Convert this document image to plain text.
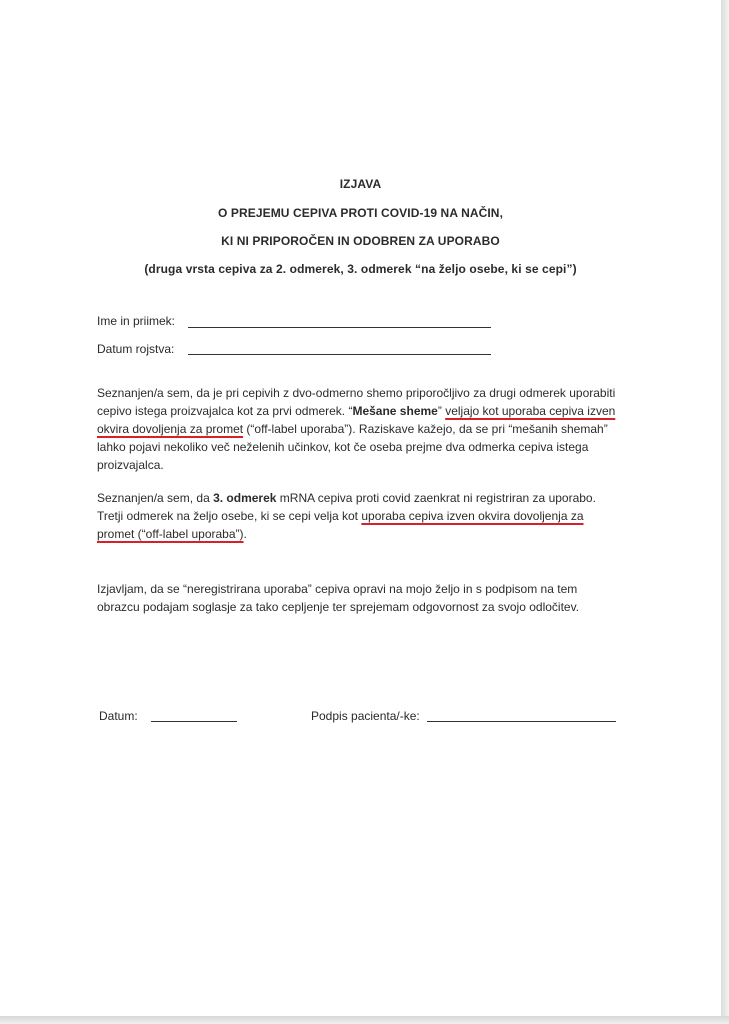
IZJAVA
O PREJEMU CEPIVA PROTI COVID-19 NA NAČIN,
KI NI PRIPOROČEN IN ODOBREN ZA UPORABO
(druga vrsta cepiva za 2. odmerek, 3. odmerek “na željo osebe, ki se cepi”)
Ime in priimek:
Datum rojstva:
Seznanjen/a sem, da je pri cepivih z dvo-odmerno shemo priporočljivo za drugi odmerek uporabiti cepivo istega proizvajalca kot za prvi odmerek. “Mešane sheme” veljajo kot uporaba cepiva izven okvira dovoljenja za promet (“off-label uporaba”). Raziskave kažejo, da se pri “mešanih shemah” lahko pojavi nekoliko več neželenih učinkov, kot če oseba prejme dva odmerka cepiva istega proizvajalca.
Seznanjen/a sem, da 3. odmerek mRNA cepiva proti covid zaenkrat ni registriran za uporabo. Tretji odmerek na željo osebe, ki se cepi velja kot uporaba cepiva izven okvira dovoljenja za promet (“off-label uporaba”).
Izjavljam, da se “neregistrirana uporaba” cepiva opravi na mojo željo in s podpisom na tem obrazcu podajam soglasje za tako cepljenje ter sprejemam odgovornost za svojo odločitev.
Datum:	Podpis pacienta/-ke:
